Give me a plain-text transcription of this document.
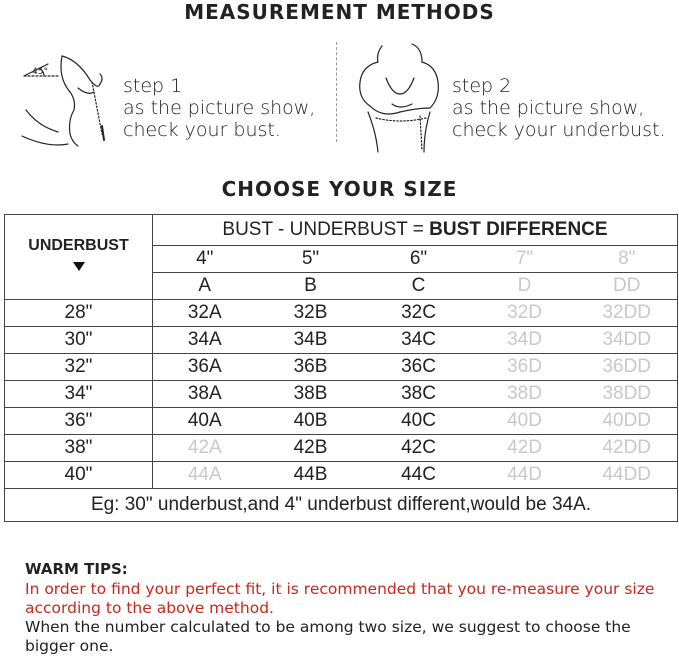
MEASUREMENT METHODS
45°
step 1
as the picture show,
check your bust.
step 2
as the picture show,
check your underbust.
CHOOSE YOUR SIZE
UNDERBUST	BUST - UNDERBUST = BUST DIFFERENCE				
	4"	5"	6"	7"	8"
	A	B	C	D	DD
28"	32A	32B	32C	32D	32DD
30"	34A	34B	34C	34D	34DD
32"	36A	36B	36C	36D	36DD
34"	38A	38B	38C	38D	38DD
36"	40A	40B	40C	40D	40DD
38"	42A	42B	42C	42D	42DD
40"	44A	44B	44C	44D	44DD
Eg: 30" underbust,and 4" underbust different,would be 34A.					
WARM TIPS:
In order to find your perfect fit, it is recommended that you re-measure your size according to the above method.
When the number calculated to be among two size, we suggest to choose the bigger one.
